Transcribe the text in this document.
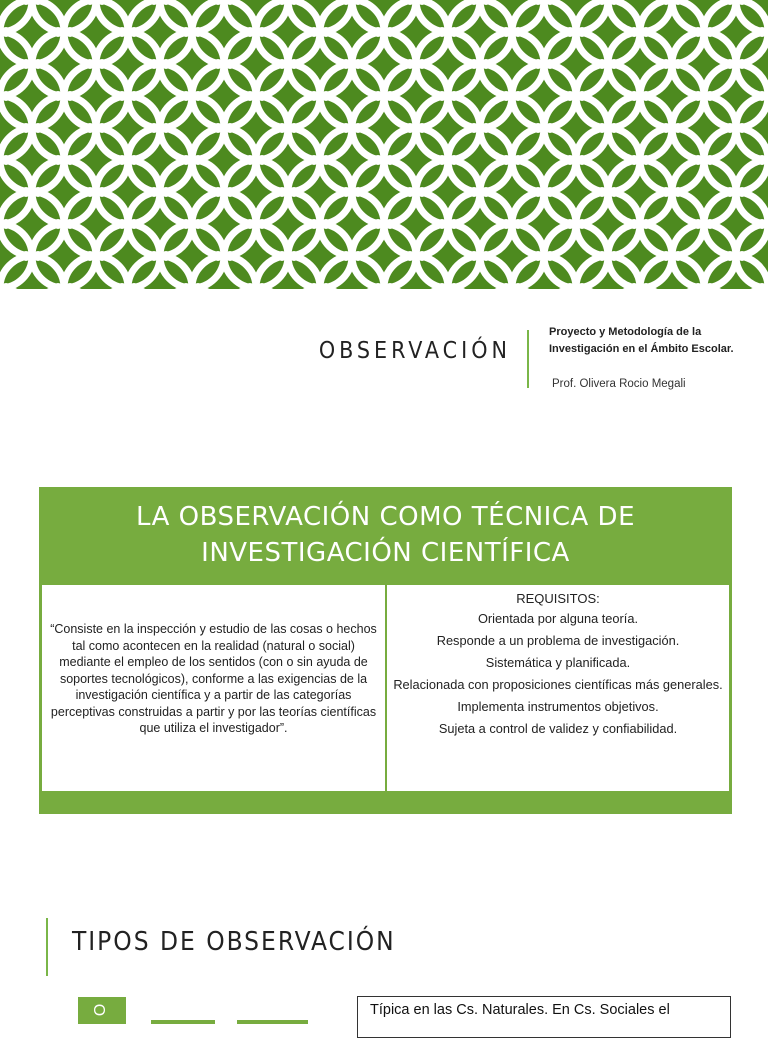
OBSERVACIÓN
Proyecto y Metodología de la Investigación en el Ámbito Escolar.
Prof. Olivera Rocio Megali
LA OBSERVACIÓN COMO TÉCNICA DE INVESTIGACIÓN CIENTÍFICA
“Consiste en la inspección y estudio de las cosas o hechos tal como acontecen en la realidad (natural o social) mediante el empleo de los sentidos (con o sin ayuda de soportes tecnológicos), conforme a las exigencias de la investigación científica y a partir de las categorías perceptivas construidas a partir y por las teorías científicas que utiliza el investigador”.
REQUISITOS:
Orientada por alguna teoría.
Responde a un problema de investigación.
Sistemática y planificada.
Relacionada con proposiciones científicas más generales.
Implementa instrumentos objetivos.
Sujeta a control de validez y confiabilidad.
TIPOS DE OBSERVACIÓN
O	Típica en las Cs. Naturales. En Cs. Sociales el
